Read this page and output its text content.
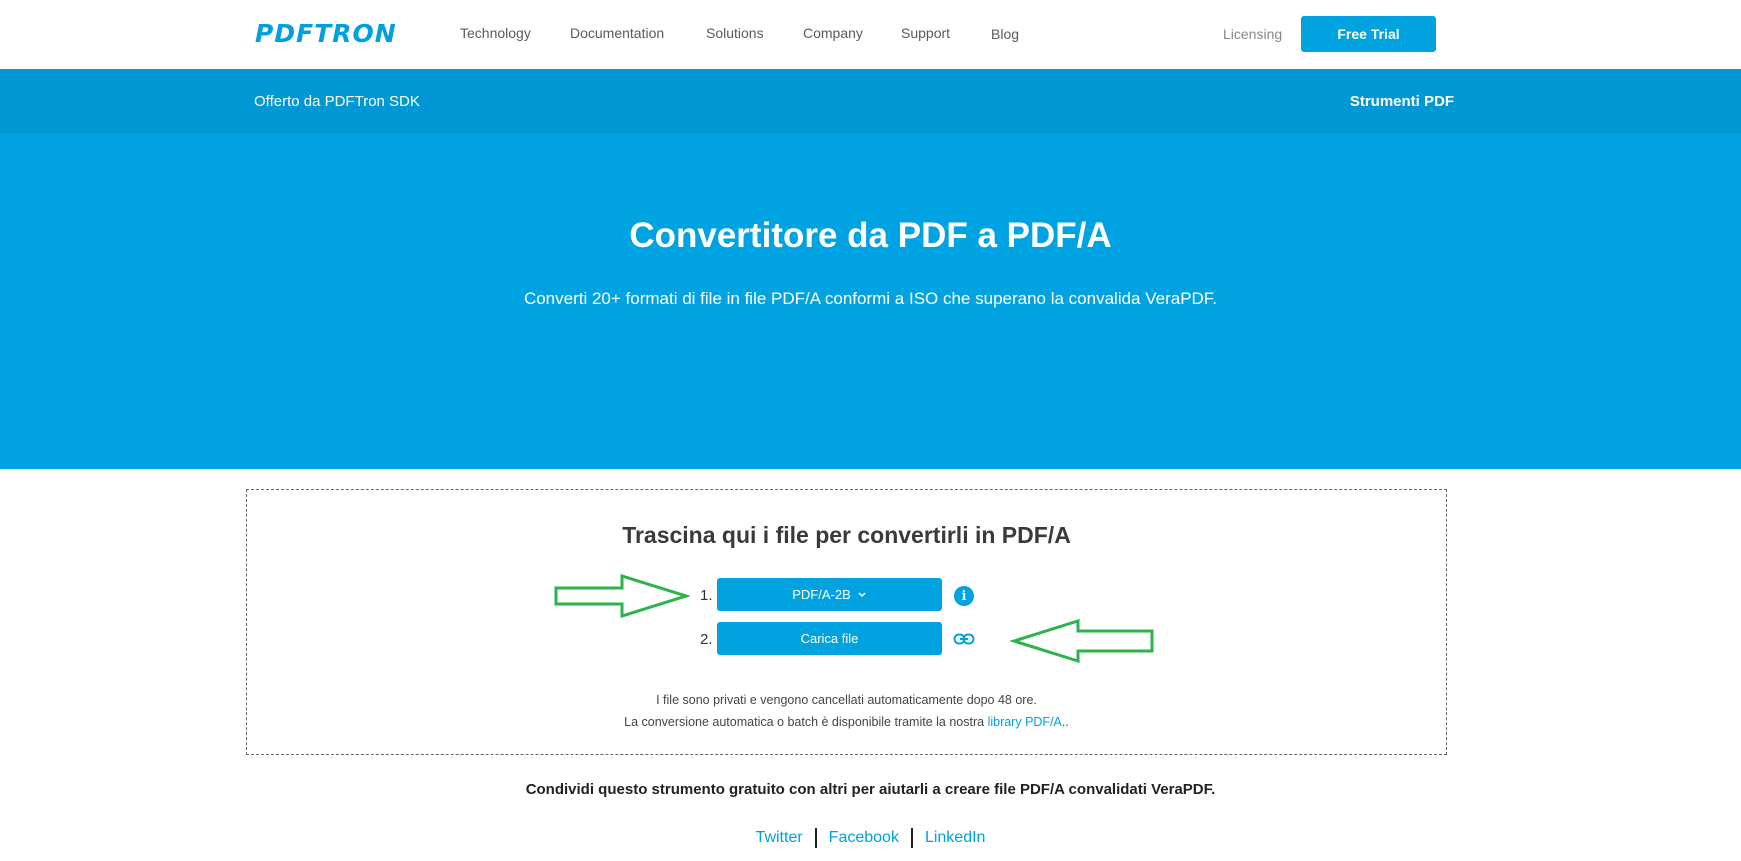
PDFTRON	Technology	Documentation	Solutions	Company	Support	Blog	Licensing	Free Trial
Offerto da PDFTron SDK	Strumenti PDF
Convertitore da PDF a PDF/A
Converti 20+ formati di file in file PDF/A conformi a ISO che superano la convalida VeraPDF.
Trascina qui i file per convertirli in PDF/A
1.	PDF/A-2B	i
2.	Carica file
I file sono privati e vengono cancellati automaticamente dopo 48 ore.
La conversione automatica o batch è disponibile tramite la nostra library PDF/A..
Condividi questo strumento gratuito con altri per aiutarli a creare file PDF/A convalidati VeraPDF.
Twitter	Facebook	LinkedIn
